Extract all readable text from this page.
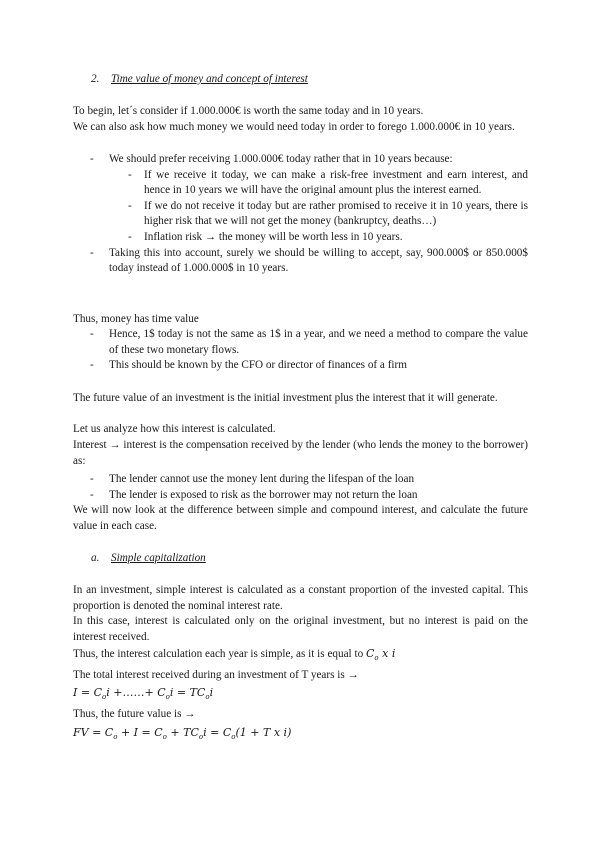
2. Time value of money and concept of interest
To begin, let´s consider if 1.000.000€ is worth the same today and in 10 years.
We can also ask how much money we would need today in order to forego 1.000.000€ in 10 years.
- We should prefer receiving 1.000.000€ today rather that in 10 years because:
- If we receive it today, we can make a risk-free investment and earn interest, and hence in 10 years we will have the original amount plus the interest earned.
- If we do not receive it today but are rather promised to receive it in 10 years, there is higher risk that we will not get the money (bankruptcy, deaths…)
- Inflation risk → the money will be worth less in 10 years.
- Taking this into account, surely we should be willing to accept, say, 900.000$ or 850.000$ today instead of 1.000.000$ in 10 years.
Thus, money has time value
- Hence, 1$ today is not the same as 1$ in a year, and we need a method to compare the value of these two monetary flows.
- This should be known by the CFO or director of finances of a firm
The future value of an investment is the initial investment plus the interest that it will generate.
Let us analyze how this interest is calculated.
Interest → interest is the compensation received by the lender (who lends the money to the borrower) as:
- The lender cannot use the money lent during the lifespan of the loan
- The lender is exposed to risk as the borrower may not return the loan
We will now look at the difference between simple and compound interest, and calculate the future value in each case.
a. Simple capitalization
In an investment, simple interest is calculated as a constant proportion of the invested capital. This proportion is denoted the nominal interest rate.
In this case, interest is calculated only on the original investment, but no interest is paid on the interest received.
Thus, the interest calculation each year is simple, as it is equal to $C_o$ x i
The total interest received during an investment of T years is →
$I = C_oi$ +……+ $C_oi = TC_oi$
Thus, the future value is →
FV = $C_o + I = C_o + TC_oi = C_o(1 + T$ x i)
